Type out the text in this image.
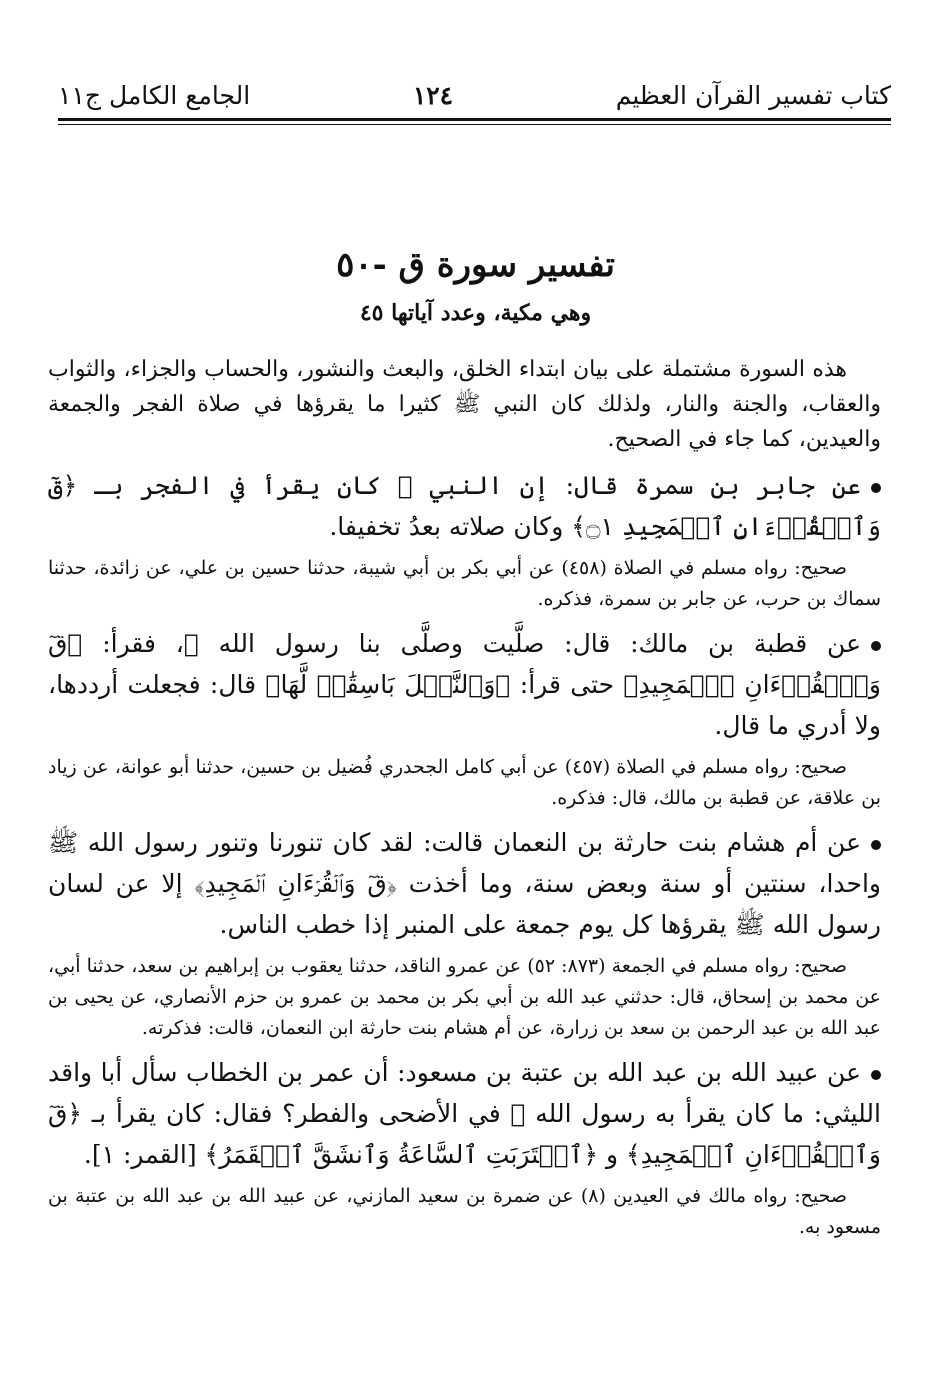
كتاب تفسير القرآن العظيم
١٢٤
الجامع الكامل ج١١
تفسير سورة ق -٥٠
وهي مكية، وعدد آياتها ٤٥

هذه السورة مشتملة على بيان ابتداء الخلق، والبعث والنشور، والحساب والجزاء، والثواب والعقاب، والجنة والنار، ولذلك كان النبي ﷺ كثيرا ما يقرؤها في صلاة الفجر والجمعة والعيدين، كما جاء في الصحيح.

عن جابر بن سمرة قال: إن النبي ﷺ كان يقرأ في الفجر بـ ﴿قٓ وَٱلۡقُرۡءَانِ ٱلۡمَجِيدِ ۝١﴾ وكان صلاته بعدُ تخفيفا.

صحيح: رواه مسلم في الصلاة (٤٥٨) عن أبي بكر بن أبي شيبة، حدثنا حسين بن علي، عن زائدة، حدثنا سماك بن حرب، عن جابر بن سمرة، فذكره.

عن قطبة بن مالك: قال: صلَّيت وصلَّى بنا رسول الله ﷺ، فقرأ: ﴿قٓ وَٱلۡقُرۡءَانِ ٱلۡمَجِيدِ﴾ حتى قرأ: ﴿وَٱلنَّخۡلَ بَاسِقَٰتٖ لَّهَا﴾ قال: فجعلت أرددها، ولا أدري ما قال.

صحيح: رواه مسلم في الصلاة (٤٥٧) عن أبي كامل الجحدري فُضيل بن حسين، حدثنا أبو عوانة، عن زياد بن علاقة، عن قطبة بن مالك، قال: فذكره.

عن أم هشام بنت حارثة بن النعمان قالت: لقد كان تنورنا وتنور رسول الله ﷺ واحدا، سنتين أو سنة وبعض سنة، وما أخذت ﴿قٓ وَٱلۡقُرۡءَانِ ٱلۡمَجِيدِ﴾ إلا عن لسان رسول الله ﷺ يقرؤها كل يوم جمعة على المنبر إذا خطب الناس.

صحيح: رواه مسلم في الجمعة (٨٧٣: ٥٢) عن عمرو الناقد، حدثنا يعقوب بن إبراهيم بن سعد، حدثنا أبي، عن محمد بن إسحاق، قال: حدثني عبد الله بن أبي بكر بن محمد بن عمرو بن حزم الأنصاري، عن يحيى بن عبد الله بن عبد الرحمن بن سعد بن زرارة، عن أم هشام بنت حارثة ابن النعمان، قالت: فذكرته.

عن عبيد الله بن عبد الله بن عتبة بن مسعود: أن عمر بن الخطاب سأل أبا واقد الليثي: ما كان يقرأ به رسول الله ﷺ في الأضحى والفطر؟ فقال: كان يقرأ بـ ﴿قٓ وَٱلۡقُرۡءَانِ ٱلۡمَجِيدِ﴾ و ﴿ٱقۡتَرَبَتِ ٱلسَّاعَةُ وَٱنشَقَّ ٱلۡقَمَرُ﴾ [القمر: ١].

صحيح: رواه مالك في العيدين (٨) عن ضمرة بن سعيد المازني، عن عبيد الله بن عبد الله بن عتبة بن مسعود به.
